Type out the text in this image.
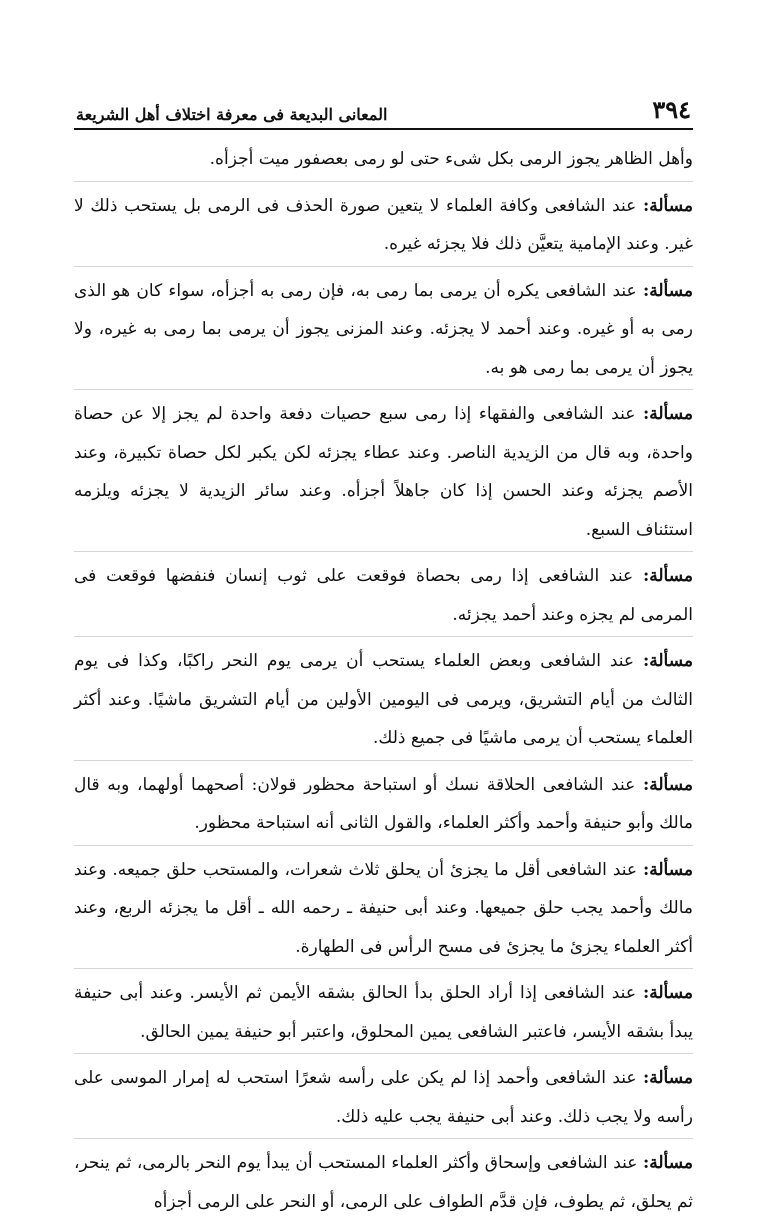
٣٩٤
المعانى البديعة فى معرفة اختلاف أهل الشريعة

وأهل الظاهر يجوز الرمى بكل شىء حتى لو رمى بعصفور ميت أجزأه.

مسألة: عند الشافعى وكافة العلماء لا يتعين صورة الحذف فى الرمى بل يستحب ذلك لا غير. وعند الإمامية يتعيَّن ذلك فلا يجزئه غيره.

مسألة: عند الشافعى يكره أن يرمى بما رمى به، فإن رمى به أجزأه، سواء كان هو الذى رمى به أو غيره. وعند أحمد لا يجزئه. وعند المزنى يجوز أن يرمى بما رمى به غيره، ولا يجوز أن يرمى بما رمى هو به.

مسألة: عند الشافعى والفقهاء إذا رمى سبع حصيات دفعة واحدة لم يجز إلا عن حصاة واحدة، وبه قال من الزيدية الناصر. وعند عطاء يجزئه لكن يكبر لكل حصاة تكبيرة، وعند الأصم يجزئه وعند الحسن إذا كان جاهلاً أجزأه. وعند سائر الزيدية لا يجزئه ويلزمه استئناف السبع.

مسألة: عند الشافعى إذا رمى بحصاة فوقعت على ثوب إنسان فنفضها فوقعت فى المرمى لم يجزه وعند أحمد يجزئه.

مسألة: عند الشافعى وبعض العلماء يستحب أن يرمى يوم النحر راكبًا، وكذا فى يوم الثالث من أيام التشريق، ويرمى فى اليومين الأولين من أيام التشريق ماشيًا. وعند أكثر العلماء يستحب أن يرمى ماشيًا فى جميع ذلك.

مسألة: عند الشافعى الحلاقة نسك أو استباحة محظور قولان: أصحهما أولهما، وبه قال مالك وأبو حنيفة وأحمد وأكثر العلماء، والقول الثانى أنه استباحة محظور.

مسألة: عند الشافعى أقل ما يجزئ أن يحلق ثلاث شعرات، والمستحب حلق جميعه. وعند مالك وأحمد يجب حلق جميعها. وعند أبى حنيفة ـ رحمه الله ـ أقل ما يجزئه الربع، وعند أكثر العلماء يجزئ ما يجزئ فى مسح الرأس فى الطهارة.

مسألة: عند الشافعى إذا أراد الحلق بدأ الحالق بشقه الأيمن ثم الأيسر. وعند أبى حنيفة يبدأ بشقه الأيسر، فاعتبر الشافعى يمين المحلوق، واعتبر أبو حنيفة يمين الحالق.

مسألة: عند الشافعى وأحمد إذا لم يكن على رأسه شعرًا استحب له إمرار الموسى على رأسه ولا يجب ذلك. وعند أبى حنيفة يجب عليه ذلك.

مسألة: عند الشافعى وإسحاق وأكثر العلماء المستحب أن يبدأ يوم النحر بالرمى، ثم ينحر، ثم يحلق، ثم يطوف، فإن قدَّم الطواف على الرمى، أو النحر على الرمى أجزأه
